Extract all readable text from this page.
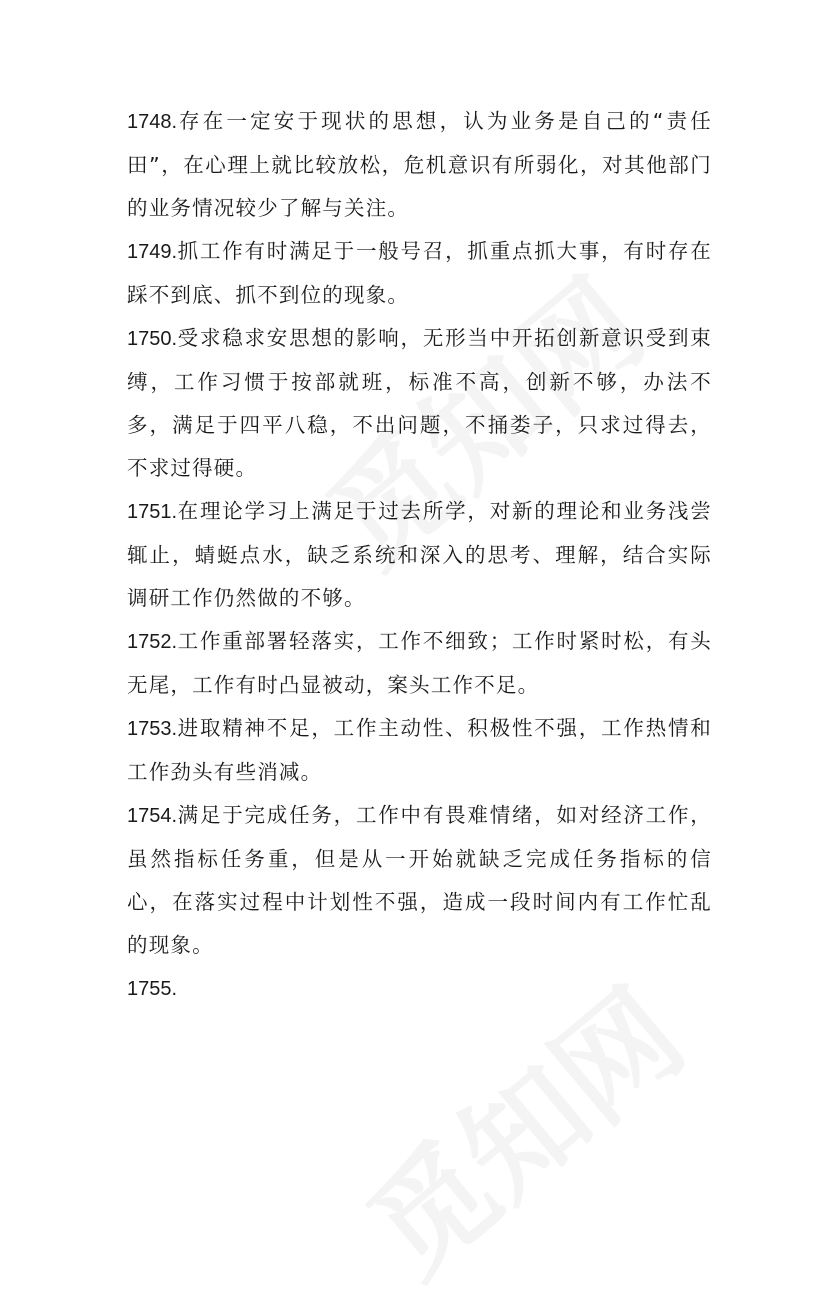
1748.存在一定安于现状的思想，认为业务是自己的“责任田”，在心理上就比较放松，危机意识有所弱化，对其他部门的业务情况较少了解与关注。

1749.抓工作有时满足于一般号召，抓重点抓大事，有时存在踩不到底、抓不到位的现象。

1750.受求稳求安思想的影响，无形当中开拓创新意识受到束缚，工作习惯于按部就班，标准不高，创新不够，办法不多，满足于四平八稳，不出问题，不捅娄子，只求过得去，不求过得硬。

1751.在理论学习上满足于过去所学，对新的理论和业务浅尝辄止，蜻蜓点水，缺乏系统和深入的思考、理解，结合实际调研工作仍然做的不够。

1752.工作重部署轻落实，工作不细致；工作时紧时松，有头无尾，工作有时凸显被动，案头工作不足。

1753.进取精神不足，工作主动性、积极性不强，工作热情和工作劲头有些消减。

1754.满足于完成任务，工作中有畏难情绪，如对经济工作，虽然指标任务重，但是从一开始就缺乏完成任务指标的信心，在落实过程中计划性不强，造成一段时间内有工作忙乱的现象。

1755.
